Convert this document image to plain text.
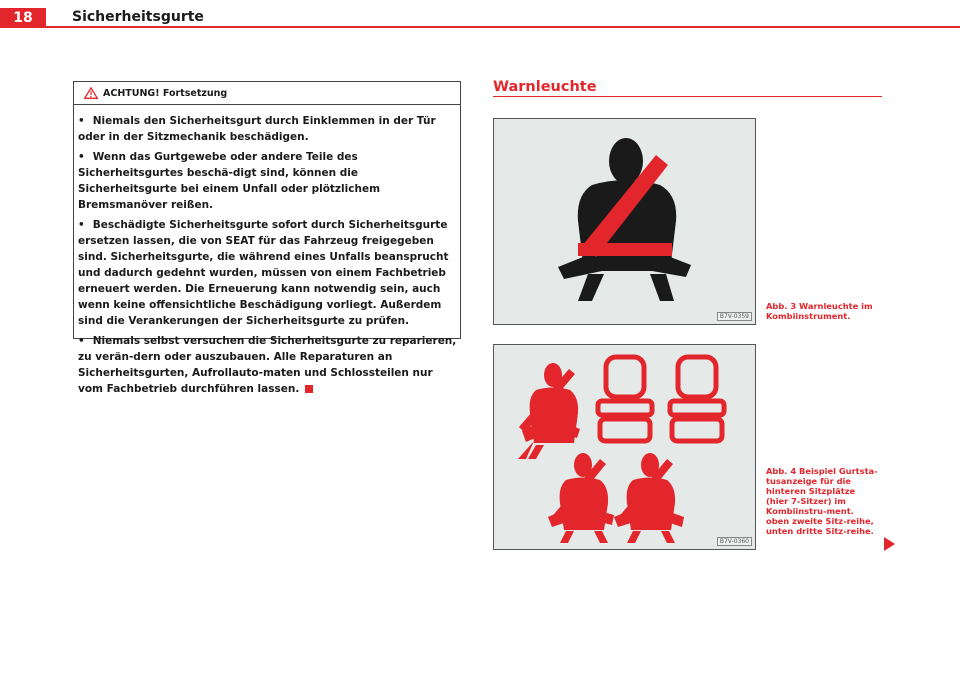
18	Sicherheitsgurte
ACHTUNG! Fortsetzung
• Niemals den Sicherheitsgurt durch Einklemmen in der Tür oder in der Sitzmechanik beschädigen.
• Wenn das Gurtgewebe oder andere Teile des Sicherheitsgurtes beschä-digt sind, können die Sicherheitsgurte bei einem Unfall oder plötzlichem Bremsmanöver reißen.
• Beschädigte Sicherheitsgurte sofort durch Sicherheitsgurte ersetzen lassen, die von SEAT für das Fahrzeug freigegeben sind. Sicherheitsgurte, die während eines Unfalls beansprucht und dadurch gedehnt wurden, müssen von einem Fachbetrieb erneuert werden. Die Erneuerung kann notwendig sein, auch wenn keine offensichtliche Beschädigung vorliegt. Außerdem sind die Verankerungen der Sicherheitsgurte zu prüfen.
• Niemals selbst versuchen die Sicherheitsgurte zu reparieren, zu verän-dern oder auszubauen. Alle Reparaturen an Sicherheitsgurten, Aufrollauto-maten und Schlossteilen nur vom Fachbetrieb durchführen lassen.
Warnleuchte
B7V-0359
Abb. 3 Warnleuchte im Kombiinstrument.
B7V-0360
Abb. 4 Beispiel Gurtsta-tusanzeige für die hinteren Sitzplätze (hier 7-Sitzer) im Kombiinstru-ment. oben zweite Sitz-reihe, unten dritte Sitz-reihe.
